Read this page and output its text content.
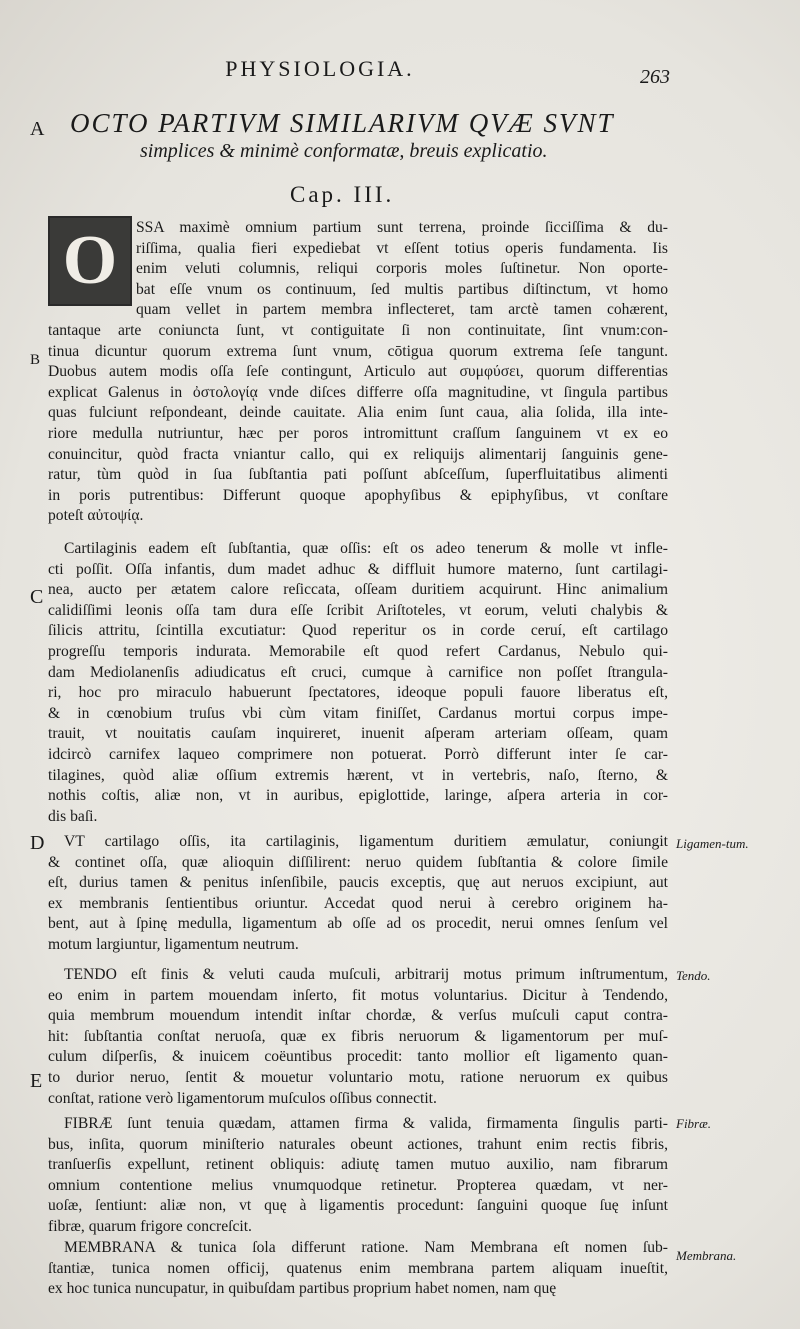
PHYSIOLOGIA.	263
A
B
C
D
E
OCTO PARTIVM SIMILARIVM QVÆ SVNT
simplices & minimè conformatæ, breuis explicatio.
Cap. III.
O	SSA maximè omnium partium sunt terrena, proinde ſicciſſima & du-
riſſima, qualia fieri expediebat vt eſſent totius operis fundamenta. Iis
enim veluti columnis, reliqui corporis moles ſuſtinetur. Non oporte-
bat eſſe vnum os continuum, ſed multis partibus diſtinctum, vt homo
quam vellet in partem membra inflecteret, tam arctè tamen cohærent,
tantaque arte coniuncta ſunt, vt contiguitate ſi non continuitate, ſint vnum:con-
tinua dicuntur quorum extrema ſunt vnum, cōtigua quorum extrema ſeſe tangunt.
Duobus autem modis oſſa ſeſe contingunt, Articulo aut συμφύσει, quorum differentias
explicat Galenus in ὀστολογίᾳ vnde diſces differre oſſa magnitudine, vt ſingula partibus
quas fulciunt reſpondeant, deinde cauitate. Alia enim ſunt caua, alia ſolida, illa inte-
riore medulla nutriuntur, hæc per poros intromittunt craſſum ſanguinem vt ex eo
conuincitur, quòd fracta vniantur callo, qui ex reliquijs alimentarij ſanguinis gene-
ratur, tùm quòd in ſua ſubſtantia pati poſſunt abſceſſum, ſuperfluitatibus alimenti
in poris putrentibus: Differunt quoque apophyſibus & epiphyſibus, vt conſtare
poteſt αὐτοψίᾳ.
Cartilaginis eadem eſt ſubſtantia, quæ oſſis: eſt os adeo tenerum & molle vt infle-
cti poſſit. Oſſa infantis, dum madet adhuc & diffluit humore materno, ſunt cartilagi-
nea, aucto per ætatem calore reſiccata, oſſeam duritiem acquirunt. Hinc animalium
calidiſſimi leonis oſſa tam dura eſſe ſcribit Ariſtoteles, vt eorum, veluti chalybis &
ſilicis attritu, ſcintilla excutiatur: Quod reperitur os in corde ceruí, eſt cartilago
progreſſu temporis indurata. Memorabile eſt quod refert Cardanus, Nebulo qui-
dam Mediolanenſis adiudicatus eſt cruci, cumque à carnifice non poſſet ſtrangula-
ri, hoc pro miraculo habuerunt ſpectatores, ideoque populi fauore liberatus eſt,
& in cœnobium truſus vbi cùm vitam finiſſet, Cardanus mortui corpus impe-
trauit, vt nouitatis cauſam inquireret, inuenit aſperam arteriam oſſeam, quam
idcircò carnifex laqueo comprimere non potuerat. Porrò differunt inter ſe car-
tilagines, quòd aliæ oſſium extremis hærent, vt in vertebris, naſo, ſterno, &
nothis coſtis, aliæ non, vt in auribus, epiglottide, laringe, aſpera arteria in cor-
dis baſi.
VT cartilago oſſis, ita cartilaginis, ligamentum duritiem æmulatur, coniungit
& continet oſſa, quæ alioquin diſſilirent: neruo quidem ſubſtantia & colore ſimile
eſt, durius tamen & penitus inſenſibile, paucis exceptis, quę aut neruos excipiunt, aut
ex membranis ſentientibus oriuntur. Accedat quod nerui à cerebro originem ha-
bent, aut à ſpinę medulla, ligamentum ab oſſe ad os procedit, nerui omnes ſenſum vel
motum largiuntur, ligamentum neutrum.
TENDO eſt finis & veluti cauda muſculi, arbitrarij motus primum inſtrumentum,
eo enim in partem mouendam inſerto, fit motus voluntarius. Dicitur à Tendendo,
quia membrum mouendum intendit inſtar chordæ, & verſus muſculi caput contra-
hit: ſubſtantia conſtat neruoſa, quæ ex fibris neruorum & ligamentorum per muſ-
culum diſperſis, & inuicem coëuntibus procedit: tanto mollior eſt ligamento quan-
to durior neruo, ſentit & mouetur voluntario motu, ratione neruorum ex quibus
conſtat, ratione verò ligamentorum muſculos oſſibus connectit.
FIBRÆ ſunt tenuia quædam, attamen firma & valida, firmamenta ſingulis parti-
bus, inſita, quorum miniſterio naturales obeunt actiones, trahunt enim rectis fibris,
tranſuerſis expellunt, retinent obliquis: adiutę tamen mutuo auxilio, nam fibrarum
omnium contentione melius vnumquodque retinetur. Propterea quædam, vt ner-
uoſæ, ſentiunt: aliæ non, vt quę à ligamentis procedunt: ſanguini quoque ſuę inſunt
fibræ, quarum frigore concreſcit.
MEMBRANA & tunica ſola differunt ratione. Nam Membrana eſt nomen ſub-
ſtantiæ, tunica nomen officij, quatenus enim membrana partem aliquam inueſtit,
ex hoc tunica nuncupatur, in quibuſdam partibus proprium habet nomen, nam quę
Ligamen-tum.
Tendo.
Fibræ.
Membrana.
